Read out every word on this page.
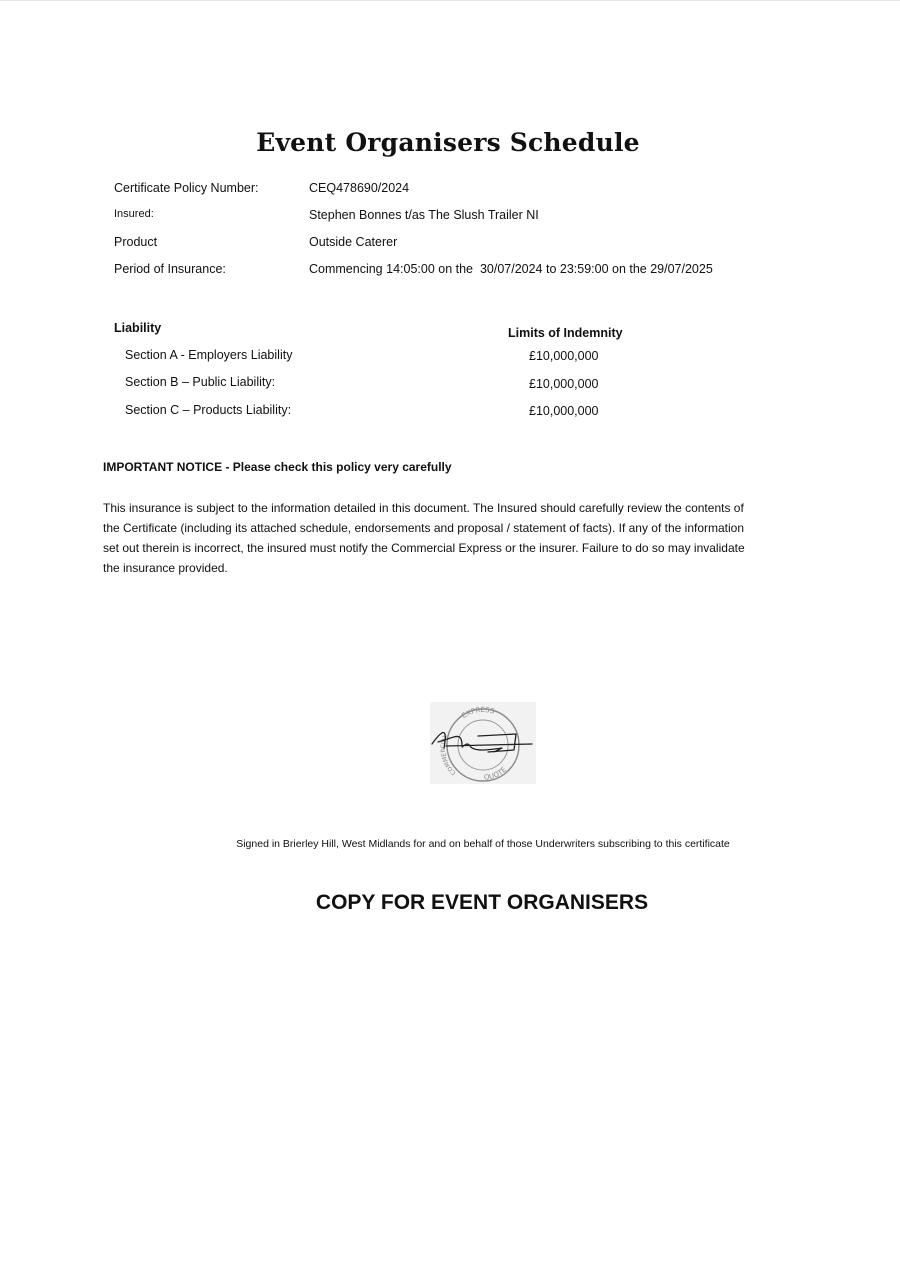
Event Organisers Schedule
Certificate Policy Number:	CEQ478690/2024
Insured:	Stephen Bonnes t/as The Slush Trailer NI
Product	Outside Caterer
Period of Insurance:	Commencing 14:05:00 on the  30/07/2024 to 23:59:00 on the 29/07/2025
Liability	Limits of Indemnity
Section A - Employers Liability	£10,000,000
Section B – Public Liability:	£10,000,000
Section C – Products Liability:	£10,000,000
IMPORTANT NOTICE - Please check this policy very carefully
This insurance is subject to the information detailed in this document. The Insured should carefully review the contents of
the Certificate (including its attached schedule, endorsements and proposal / statement of facts). If any of the information
set out therein is incorrect, the insured must notify the Commercial Express or the insurer. Failure to do so may invalidate
the insurance provided.
EXPRESS
QUOTE
COMMERCIAL
Signed in Brierley Hill, West Midlands for and on behalf of those Underwriters subscribing to this certificate
COPY FOR EVENT ORGANISERS
